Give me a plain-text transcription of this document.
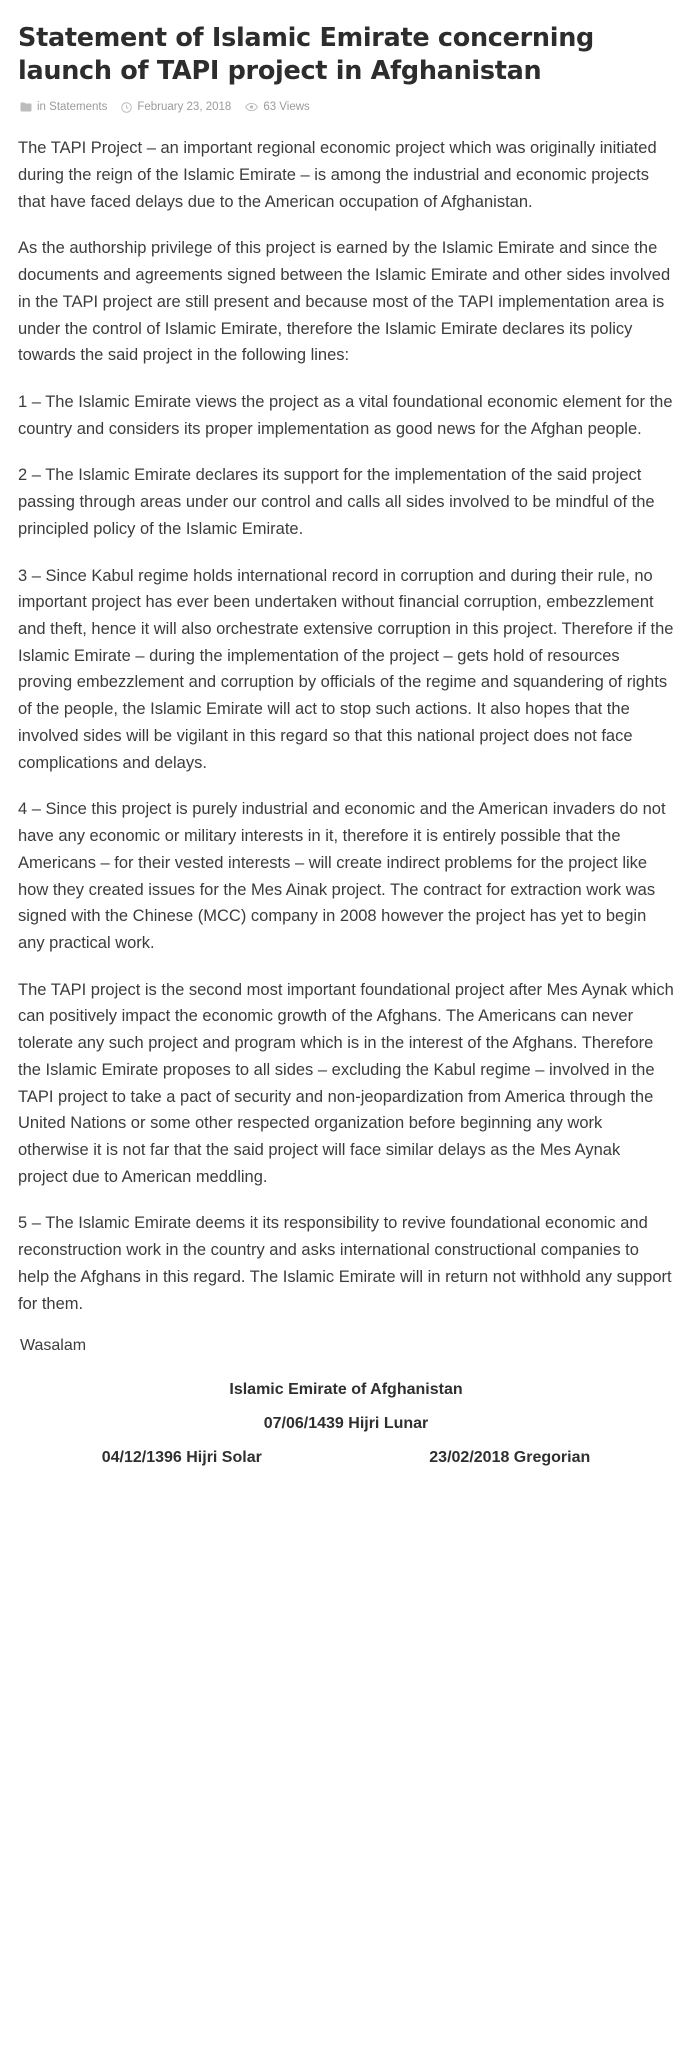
Statement of Islamic Emirate concerning launch of TAPI project in Afghanistan
in Statements	February 23, 2018	63 Views

The TAPI Project – an important regional economic project which was originally initiated during the reign of the Islamic Emirate – is among the industrial and economic projects that have faced delays due to the American occupation of Afghanistan.

As the authorship privilege of this project is earned by the Islamic Emirate and since the documents and agreements signed between the Islamic Emirate and other sides involved in the TAPI project are still present and because most of the TAPI implementation area is under the control of Islamic Emirate, therefore the Islamic Emirate declares its policy towards the said project in the following lines:

1 – The Islamic Emirate views the project as a vital foundational economic element for the country and considers its proper implementation as good news for the Afghan people.

2 – The Islamic Emirate declares its support for the implementation of the said project passing through areas under our control and calls all sides involved to be mindful of the principled policy of the Islamic Emirate.

3 – Since Kabul regime holds international record in corruption and during their rule, no important project has ever been undertaken without financial corruption, embezzlement and theft, hence it will also orchestrate extensive corruption in this project. Therefore if the Islamic Emirate – during the implementation of the project – gets hold of resources proving embezzlement and corruption by officials of the regime and squandering of rights of the people, the Islamic Emirate will act to stop such actions. It also hopes that the involved sides will be vigilant in this regard so that this national project does not face complications and delays.

4 – Since this project is purely industrial and economic and the American invaders do not have any economic or military interests in it, therefore it is entirely possible that the Americans – for their vested interests – will create indirect problems for the project like how they created issues for the Mes Ainak project. The contract for extraction work was signed with the Chinese (MCC) company in 2008 however the project has yet to begin any practical work.

The TAPI project is the second most important foundational project after Mes Aynak which can positively impact the economic growth of the Afghans. The Americans can never tolerate any such project and program which is in the interest of the Afghans. Therefore the Islamic Emirate proposes to all sides – excluding the Kabul regime – involved in the TAPI project to take a pact of security and non-jeopardization from America through the United Nations or some other respected organization before beginning any work otherwise it is not far that the said project will face similar delays as the Mes Aynak project due to American meddling.

5 – The Islamic Emirate deems it its responsibility to revive foundational economic and reconstruction work in the country and asks international constructional companies to help the Afghans in this regard. The Islamic Emirate will in return not withhold any support for them.

Wasalam
Islamic Emirate of Afghanistan
07/06/1439 Hijri Lunar
04/12/1396 Hijri Solar	23/02/2018 Gregorian
